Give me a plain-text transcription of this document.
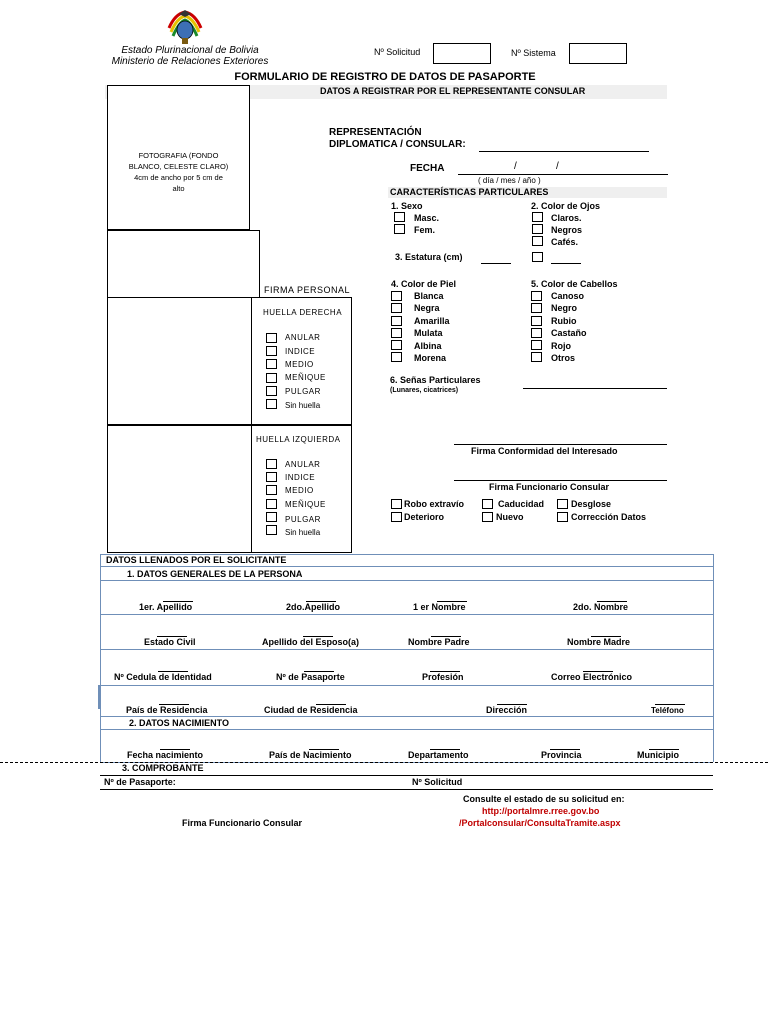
Estado Plurinacional de Bolivia
Ministerio de Relaciones Exteriores
Nº Solicitud	Nº Sistema
FORMULARIO DE REGISTRO DE DATOS DE PASAPORTE
DATOS A REGISTRAR POR EL REPRESENTANTE CONSULAR
FOTOGRAFIA (FONDO
BLANCO, CELESTE CLARO)
4cm de ancho por 5 cm de
alto
FIRMA PERSONAL
HUELLA DERECHA
HUELLA IZQUIERDA
ANULAR
INDICE
MEDIO
MEÑIQUE
PULGAR
Sin huella
ANULAR
INDICE
MEDIO
MEÑIQUE
PULGAR
Sin huella
REPRESENTACIÓN
DIPLOMATICA / CONSULAR:
FECHA	/	/
( día / mes / año )
CARACTERÍSTICAS PARTICULARES
1. Sexo
Masc.
Fem.
2. Color de Ojos
Claros.
Negros
Cafés.
3. Estatura (cm)
4. Color de Piel
Blanca
Negra
Amarilla
Mulata
Albina
Morena
5. Color de Cabellos
Canoso
Negro
Rubio
Castaño
Rojo
Otros
6. Señas Particulares
(Lunares, cicatrices)
Firma Conformidad del Interesado
Firma Funcionario Consular
Robo extravío	Caducidad	Desglose
Deterioro	Nuevo	Corrección Datos
DATOS LLENADOS POR EL SOLICITANTE
1. DATOS GENERALES DE LA PERSONA
1er. Apellido	2do.Apellido	1 er Nombre	2do. Nombre
Estado Civil	Apellido del Esposo(a)	Nombre Padre	Nombre Madre
Nº Cedula de Identidad	Nº de Pasaporte	Profesión	Correo Electrónico
País de Residencia	Ciudad de Residencia	Dirección	Teléfono
2. DATOS NACIMIENTO
Fecha nacimiento	País de Nacimiento	Departamento	Provincia	Municipio
3. COMPROBANTE
Nº de Pasaporte:	Nº Solicitud
Consulte el estado de su solicitud en:
http://portalmre.rree.gov.bo
/Portalconsular/ConsultaTramite.aspx
Firma Funcionario Consular
